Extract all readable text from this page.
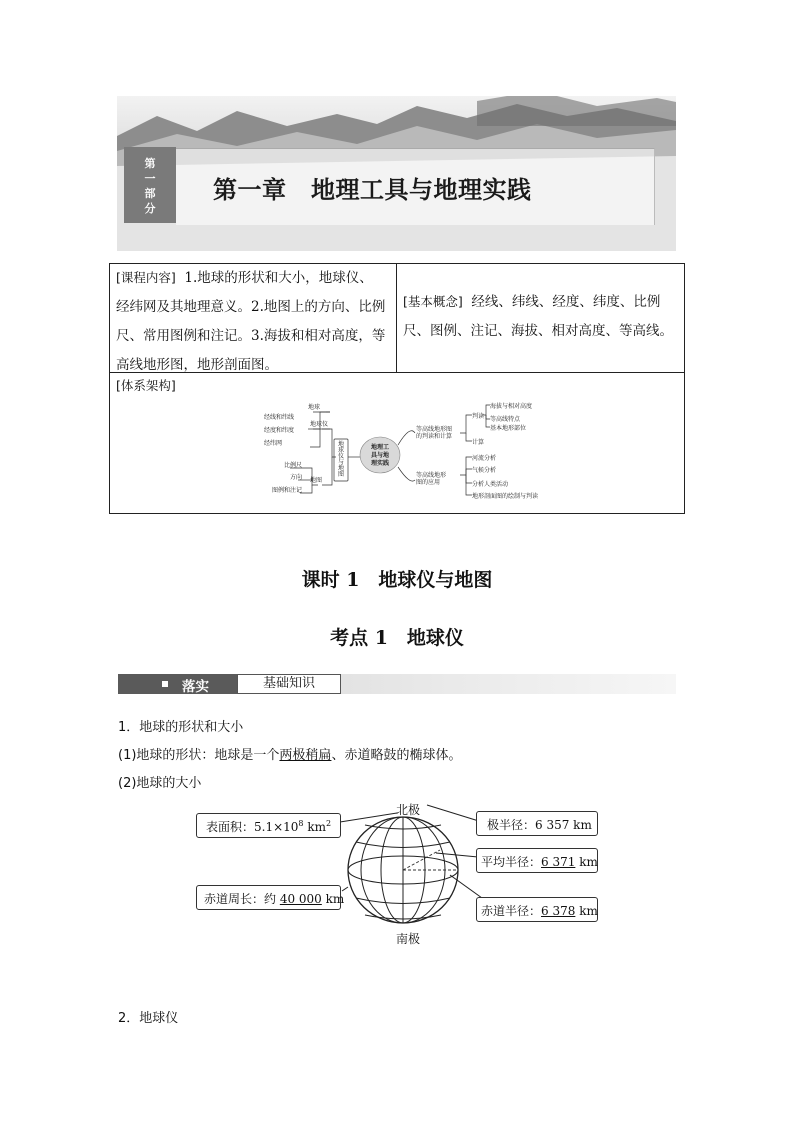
第
一
部
分
第一章　地理工具与地理实践
[课程内容] 1.地球的形状和大小，地球仪、
经纬网及其地理意义。2.地图上的方向、比例
尺、常用图例和注记。3.海拔和相对高度，等
高线地形图，地形剖面图。
[基本概念] 经线、纬线、经度、纬度、比例
尺、图例、注记、海拔、相对高度、等高线。
[体系架构]
地理工
具与地
理实践
地
球
仪
与
地
图
地球仪
地球
经线和纬线
经度和纬度
经纬网
地图
比例尺
方向
图例和注记
等高线地形图
的判读和计算
判读
海拔与相对高度
等高线特点
基本地形部位
计算
等高线地形
图的应用
河流分析
气候分析
分析人类活动
地形剖面图的绘制与判读
课时 1　地球仪与地图
考点 1　地球仪
落实	基础知识
1．地球的形状和大小
(1)地球的形状：地球是一个两极稍扁、赤道略鼓的椭球体。
(2)地球的大小
北极
南极
表面积：$5.1\times 10^8$ $km^2$
赤道周长：约 40 000 km
极半径：6 357 km
平均半径：6 371 km
赤道半径：6 378 km
2．地球仪
